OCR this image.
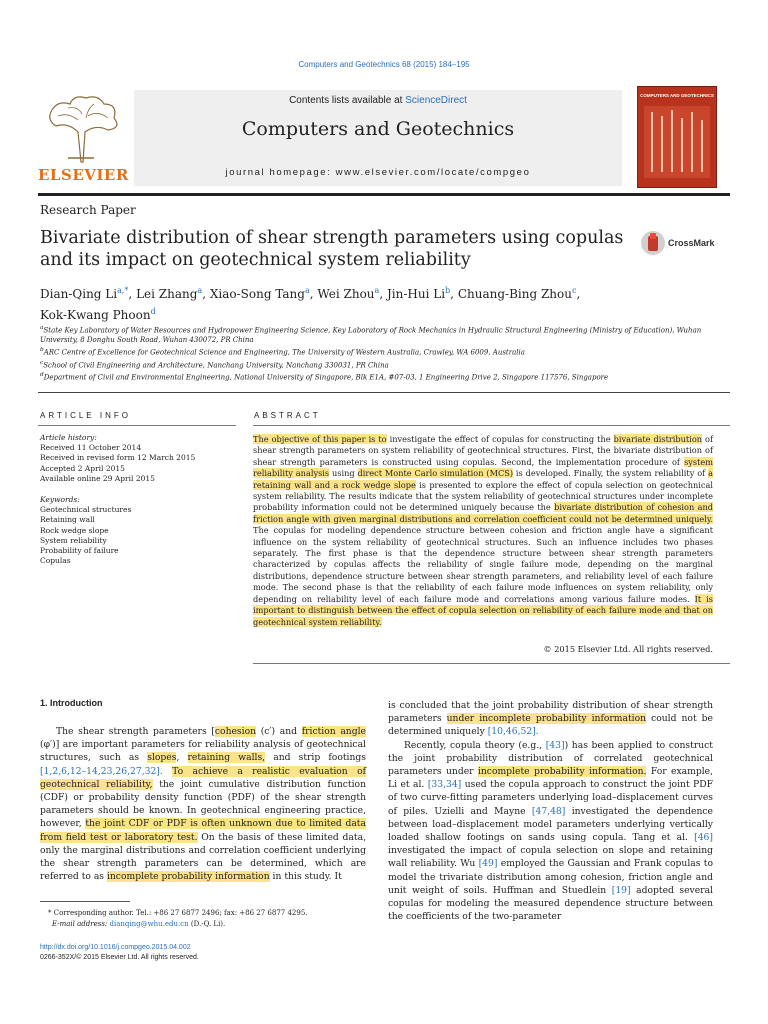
Computers and Geotechnics 68 (2015) 184–195
ELSEVIER
Contents lists available at ScienceDirect
Computers and Geotechnics
journal homepage: www.elsevier.com/locate/compgeo
COMPUTERS AND GEOTECHNICS
Research Paper
Bivariate distribution of shear strength parameters using copulas and its impact on geotechnical system reliability
CrossMark
Dian-Qing $Li^{a,*}$, Lei Zhang$^a$, Xiao-Song Tang$^a$, Wei Zhou$^a$, Jin-Hui Li$^b$, Chuang-Bing Zhou$^c$,
Kok-Kwang Phoon$^d$
$^a$State Key Laboratory of Water Resources and Hydropower Engineering Science, Key Laboratory of Rock Mechanics in Hydraulic Structural Engineering (Ministry of Education), Wuhan University, 8 Donghu South Road, Wuhan 430072, PR China
$^b$ARC Centre of Excellence for Geotechnical Science and Engineering, The University of Western Australia, Crawley, WA 6009, Australia
$^c$School of Civil Engineering and Architecture, Nanchang University, Nanchang 330031, PR China
$^d$Department of Civil and Environmental Engineering, National University of Singapore, Blk E1A, #07-03, 1 Engineering Drive 2, Singapore 117576, Singapore
ARTICLE INFO	ABSTRACT
Article history:
Received 11 October 2014
Received in revised form 12 March 2015
Accepted 2 April 2015
Available online 29 April 2015
Keywords:
Geotechnical structures
Retaining wall
Rock wedge slope
System reliability
Probability of failure
Copulas
The objective of this paper is to investigate the effect of copulas for constructing the bivariate distribution of shear strength parameters on system reliability of geotechnical structures. First, the bivariate distribution of shear strength parameters is constructed using copulas. Second, the implementation procedure of system reliability analysis using direct Monte Carlo simulation (MCS) is developed. Finally, the system reliability of a retaining wall and a rock wedge slope is presented to explore the effect of copula selection on geotechnical system reliability. The results indicate that the system reliability of geotechnical structures under incomplete probability information could not be determined uniquely because the bivariate distribution of cohesion and friction angle with given marginal distributions and correlation coefficient could not be determined uniquely. The copulas for modeling dependence structure between cohesion and friction angle have a significant influence on the system reliability of geotechnical structures. Such an influence includes two phases separately. The first phase is that the dependence structure between shear strength parameters characterized by copulas affects the reliability of single failure mode, depending on the marginal distributions, dependence structure between shear strength parameters, and reliability level of each failure mode. The second phase is that the reliability of each failure mode influences on system reliability, only depending on reliability level of each failure mode and correlations among various failure modes. It is important to distinguish between the effect of copula selection on reliability of each failure mode and that on geotechnical system reliability.
© 2015 Elsevier Ltd. All rights reserved.
1. Introduction

The shear strength parameters [cohesion (c′) and friction angle (φ′)] are important parameters for reliability analysis of geotechnical structures, such as slopes, retaining walls, and strip footings [1,2,6,12–14,23,26,27,32]. To achieve a realistic evaluation of geotechnical reliability, the joint cumulative distribution function (CDF) or probability density function (PDF) of the shear strength parameters should be known. In geotechnical engineering practice, however, the joint CDF or PDF is often unknown due to limited data from field test or laboratory test. On the basis of these limited data, only the marginal distributions and correlation coefficient underlying the shear strength parameters can be determined, which are referred to as incomplete probability information in this study. It

is concluded that the joint probability distribution of shear strength parameters under incomplete probability information could not be determined uniquely [10,46,52].

Recently, copula theory (e.g., [43]) has been applied to construct the joint probability distribution of correlated geotechnical parameters under incomplete probability information. For example, Li et al. [33,34] used the copula approach to construct the joint PDF of two curve-fitting parameters underlying load–displacement curves of piles. Uzielli and Mayne [47,48] investigated the dependence between load–displacement model parameters underlying vertically loaded shallow footings on sands using copula. Tang et al. [46] investigated the impact of copula selection on slope and retaining wall reliability. Wu [49] employed the Gaussian and Frank copulas to model the trivariate distribution among cohesion, friction angle and unit weight of soils. Huffman and Stuedlein [19] adopted several copulas for modeling the measured dependence structure between the coefficients of the two-parameter

* Corresponding author. Tel.: +86 27 6877 2496; fax: +86 27 6877 4295.
E-mail address: dianqing@whu.edu.cn (D.-Q. Li).
http://dx.doi.org/10.1016/j.compgeo.2015.04.002
0266-352X/© 2015 Elsevier Ltd. All rights reserved.
